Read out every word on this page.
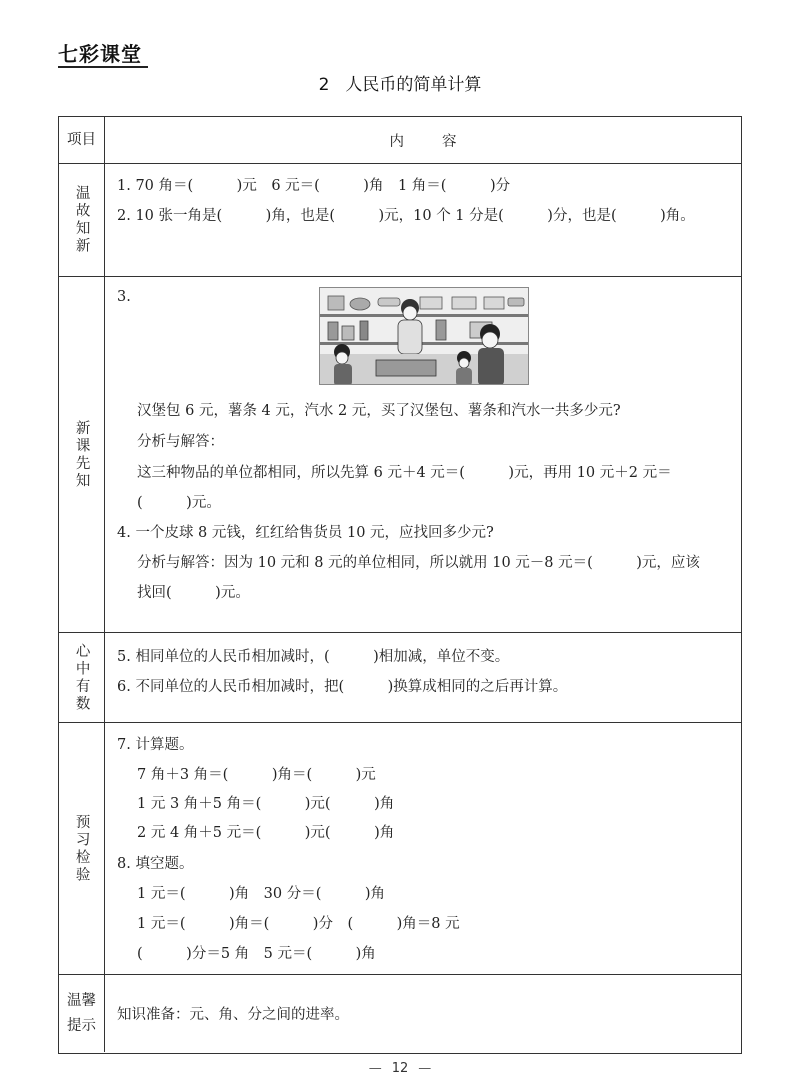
七彩课堂
2 人民币的简单计算
项目	内容
温故知新 1. 70 角＝(　　　)元　6 元＝(　　　)角　1 角＝(　　　)分
2. 10 张一角是(　　　)角，也是(　　　)元，10 个 1 分是(　　　)分，也是(　　　)角。
新课先知
3.
汉堡包 6 元，薯条 4 元，汽水 2 元，买了汉堡包、薯条和汽水一共多少元?
分析与解答：
这三种物品的单位都相同，所以先算 6 元＋4 元＝(　　　)元，再用 10 元＋2 元＝
(　　　)元。
4. 一个皮球 8 元钱，红红给售货员 10 元，应找回多少元?
分析与解答：因为 10 元和 8 元的单位相同，所以就用 10 元－8 元＝(　　　)元，应该
找回(　　　)元。
心中有数 5. 相同单位的人民币相加减时，(　　　)相加减，单位不变。
6. 不同单位的人民币相加减时，把(　　　)换算成相同的之后再计算。
预习检验
7. 计算题。
7 角＋3 角＝(　　　)角＝(　　　)元
1 元 3 角＋5 角＝(　　　)元(　　　)角
2 元 4 角＋5 元＝(　　　)元(　　　)角
8. 填空题。
1 元＝(　　　)角　30 分＝(　　　)角
1 元＝(　　　)角＝(　　　)分　(　　　)角＝8 元
(　　　)分＝5 角　5 元＝(　　　)角
温馨
提示
知识准备：元、角、分之间的进率。
— 12 —
